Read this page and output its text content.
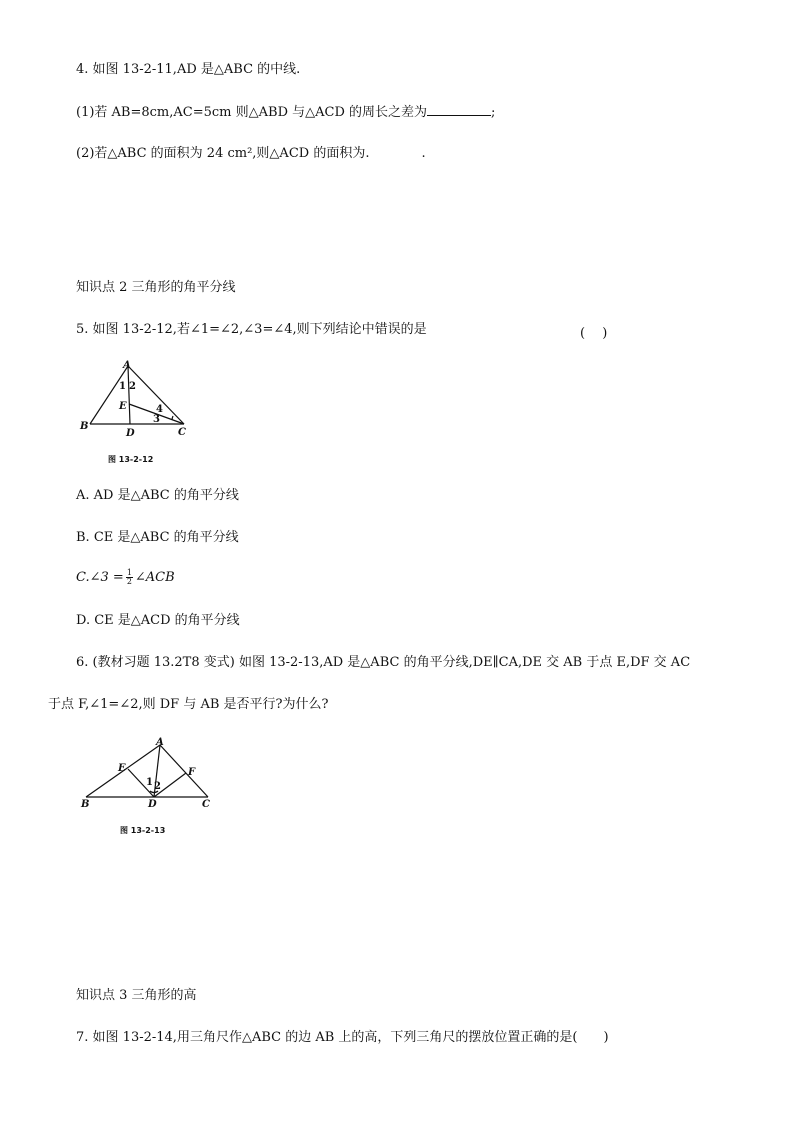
4. 如图 13-2-11,AD 是△ABC 的中线.
(1)若 AB=8cm,AC=5cm 则△ABD 与△ACD 的周长之差为	;
(2)若△ABC 的面积为 24 cm²,则△ACD 的面积为.	.
知识点 2 三角形的角平分线
5. 如图 13-2-12,若∠1=∠2,∠3=∠4,则下列结论中错误的是	(　 )
A
B
C
D
E
1 2
3
4
图 13-2-12
A. AD 是△ABC 的角平分线
B. CE 是△ABC 的角平分线
C.∠3 = $\frac{1}{2}$ ∠ACB
D. CE 是△ACD 的角平分线
6. (教材习题 13.2T8 变式) 如图 13-2-13,AD 是△ABC 的角平分线,DE∥CA,DE 交 AB 于点 E,DF 交 AC
于点 F,∠1=∠2,则 DF 与 AB 是否平行?为什么?
A
B	C
D
E	F
1 2
图 13-2-13
知识点 3 三角形的高
7. 如图 13-2-14,用三角尺作△ABC 的边 AB 上的高，下列三角尺的摆放位置正确的是( )
